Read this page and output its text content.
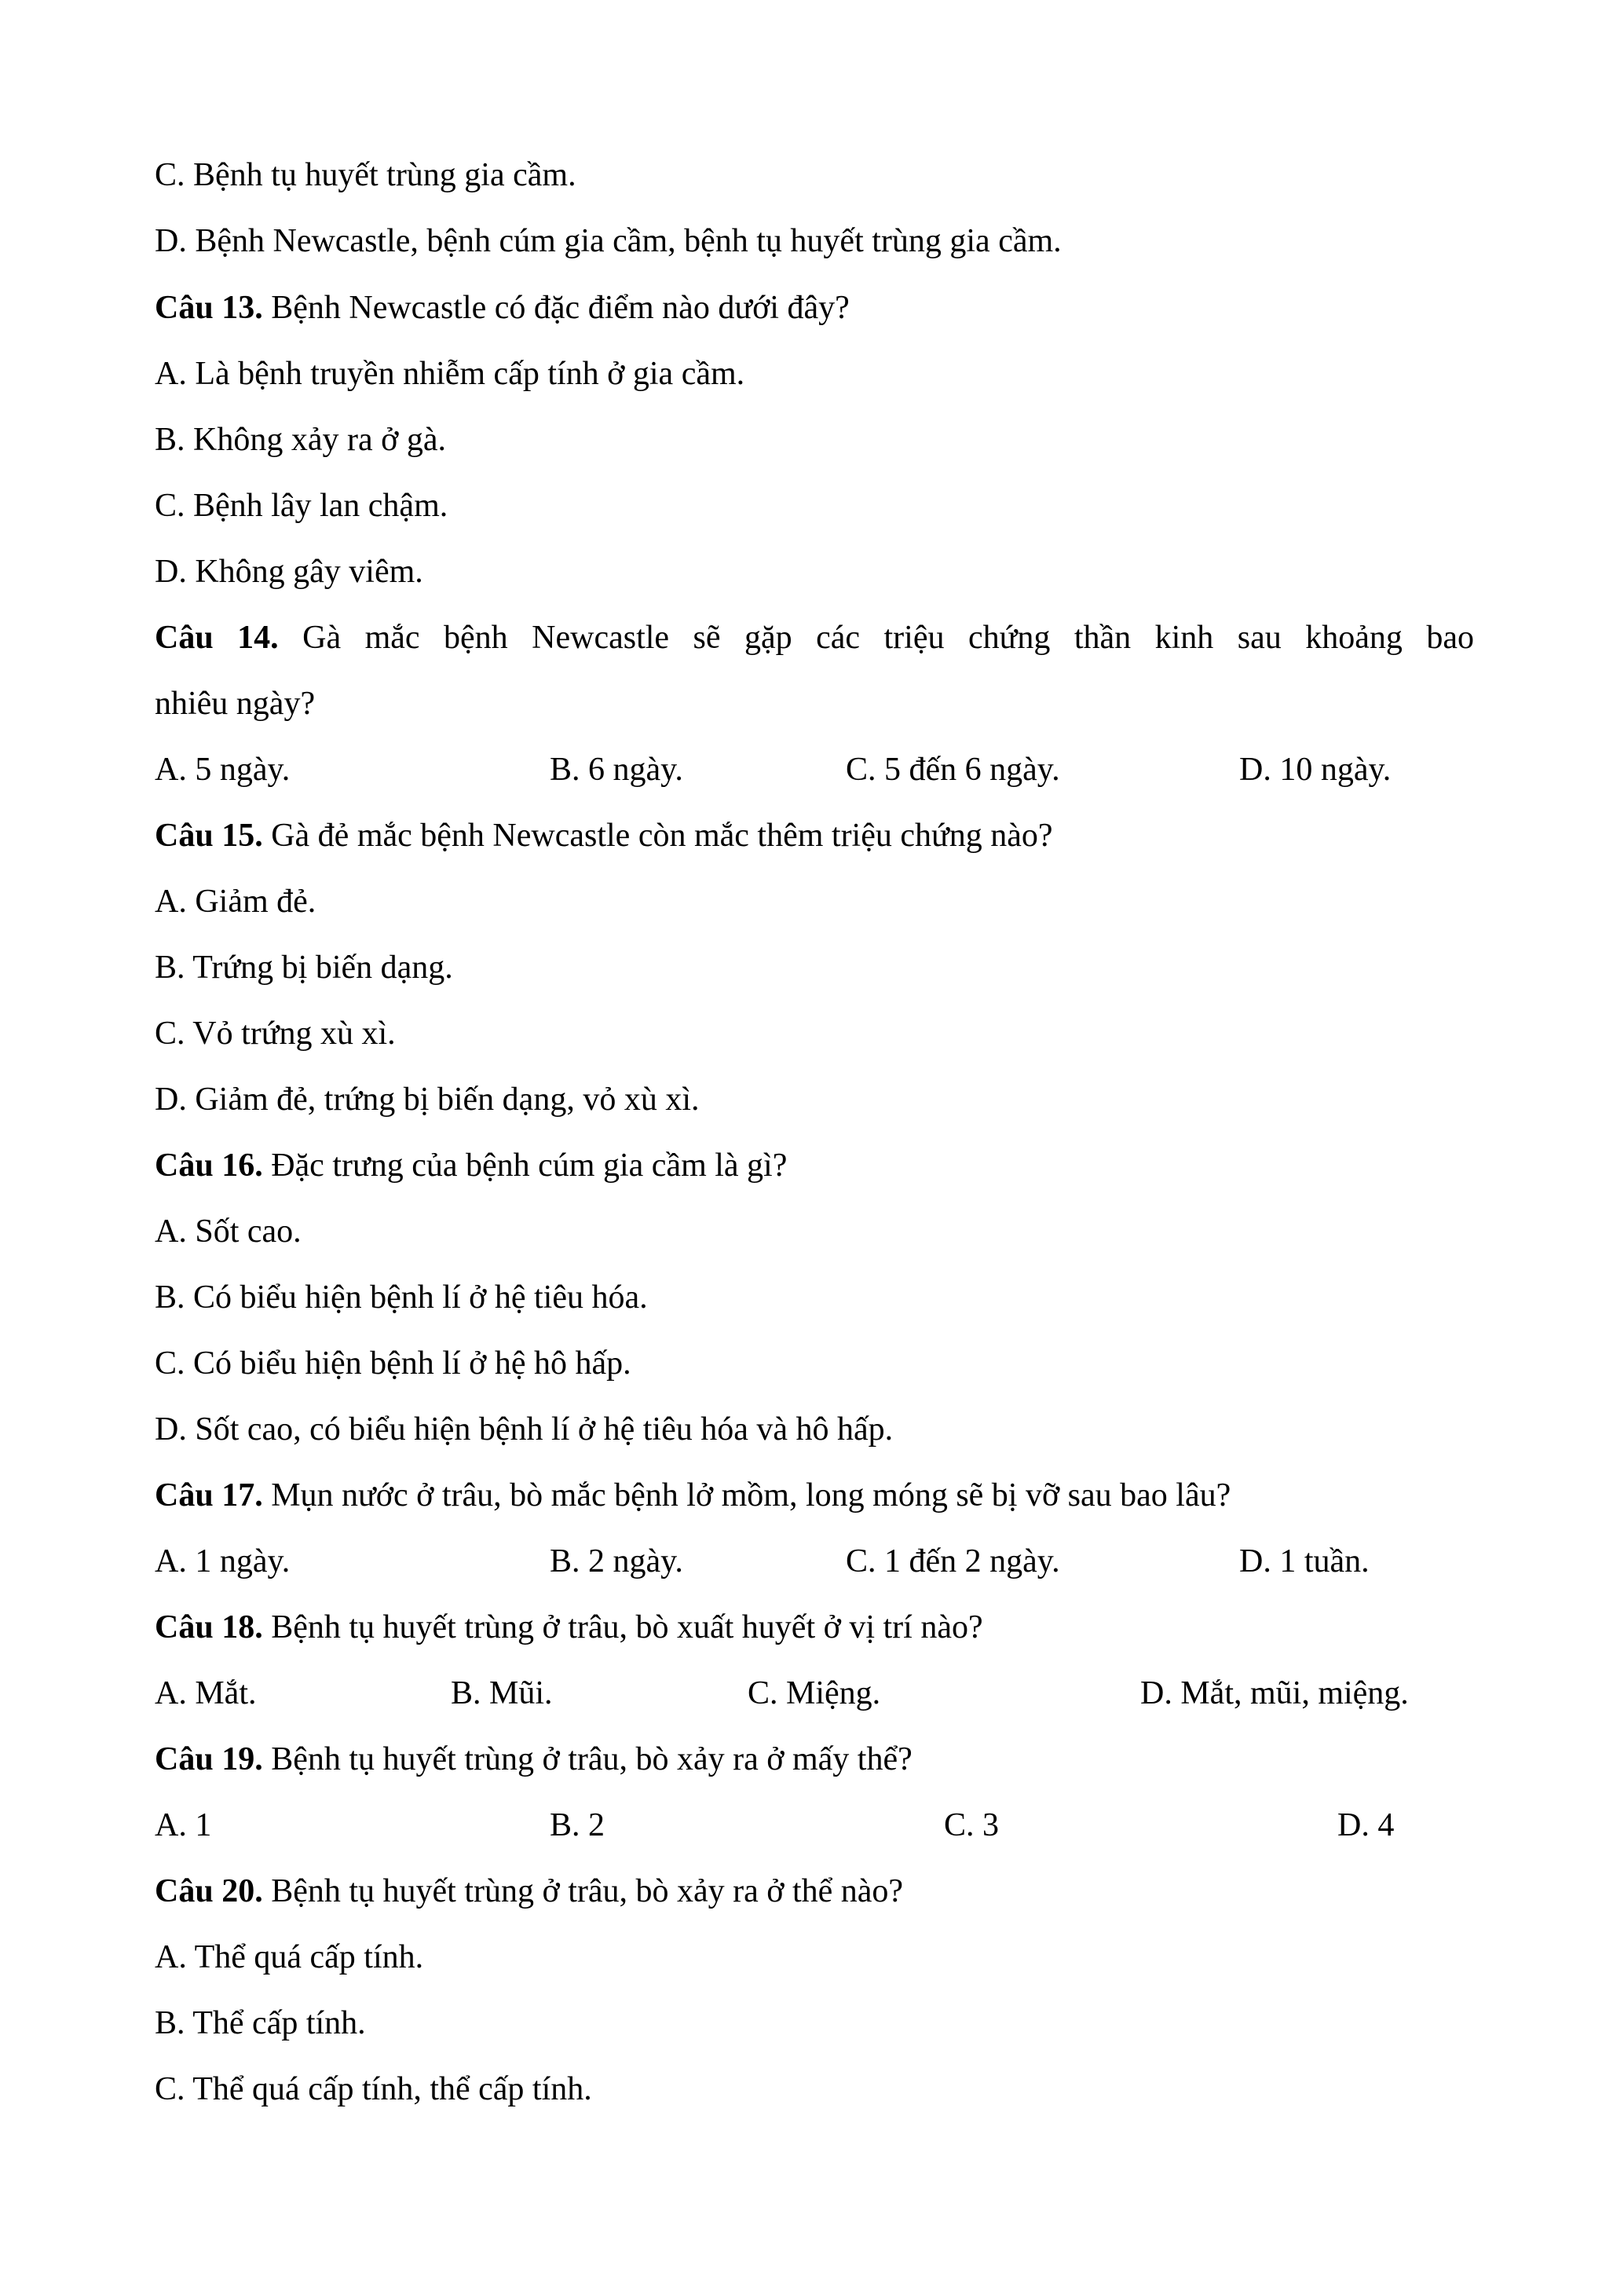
C. Bệnh tụ huyết trùng gia cầm.
D. Bệnh Newcastle, bệnh cúm gia cầm, bệnh tụ huyết trùng gia cầm.
Câu 13. Bệnh Newcastle có đặc điểm nào dưới đây?
A. Là bệnh truyền nhiễm cấp tính ở gia cầm.
B. Không xảy ra ở gà.
C. Bệnh lây lan chậm.
D. Không gây viêm.
Câu 14. Gà mắc bệnh Newcastle sẽ gặp các triệu chứng thần kinh sau khoảng bao
nhiêu ngày?
A. 5 ngày.	B. 6 ngày.	C. 5 đến 6 ngày.	D. 10 ngày.
Câu 15. Gà đẻ mắc bệnh Newcastle còn mắc thêm triệu chứng nào?
A. Giảm đẻ.
B. Trứng bị biến dạng.
C. Vỏ trứng xù xì.
D. Giảm đẻ, trứng bị biến dạng, vỏ xù xì.
Câu 16. Đặc trưng của bệnh cúm gia cầm là gì?
A. Sốt cao.
B. Có biểu hiện bệnh lí ở hệ tiêu hóa.
C. Có biểu hiện bệnh lí ở hệ hô hấp.
D. Sốt cao, có biểu hiện bệnh lí ở hệ tiêu hóa và hô hấp.
Câu 17. Mụn nước ở trâu, bò mắc bệnh lở mồm, long móng sẽ bị vỡ sau bao lâu?
A. 1 ngày.	B. 2 ngày.	C. 1 đến 2 ngày.	D. 1 tuần.
Câu 18. Bệnh tụ huyết trùng ở trâu, bò xuất huyết ở vị trí nào?
A. Mắt.	B. Mũi.	C. Miệng.	D. Mắt, mũi, miệng.
Câu 19. Bệnh tụ huyết trùng ở trâu, bò xảy ra ở mấy thể?
A. 1	B. 2	C. 3	D. 4
Câu 20. Bệnh tụ huyết trùng ở trâu, bò xảy ra ở thể nào?
A. Thể quá cấp tính.
B. Thể cấp tính.
C. Thể quá cấp tính, thể cấp tính.
